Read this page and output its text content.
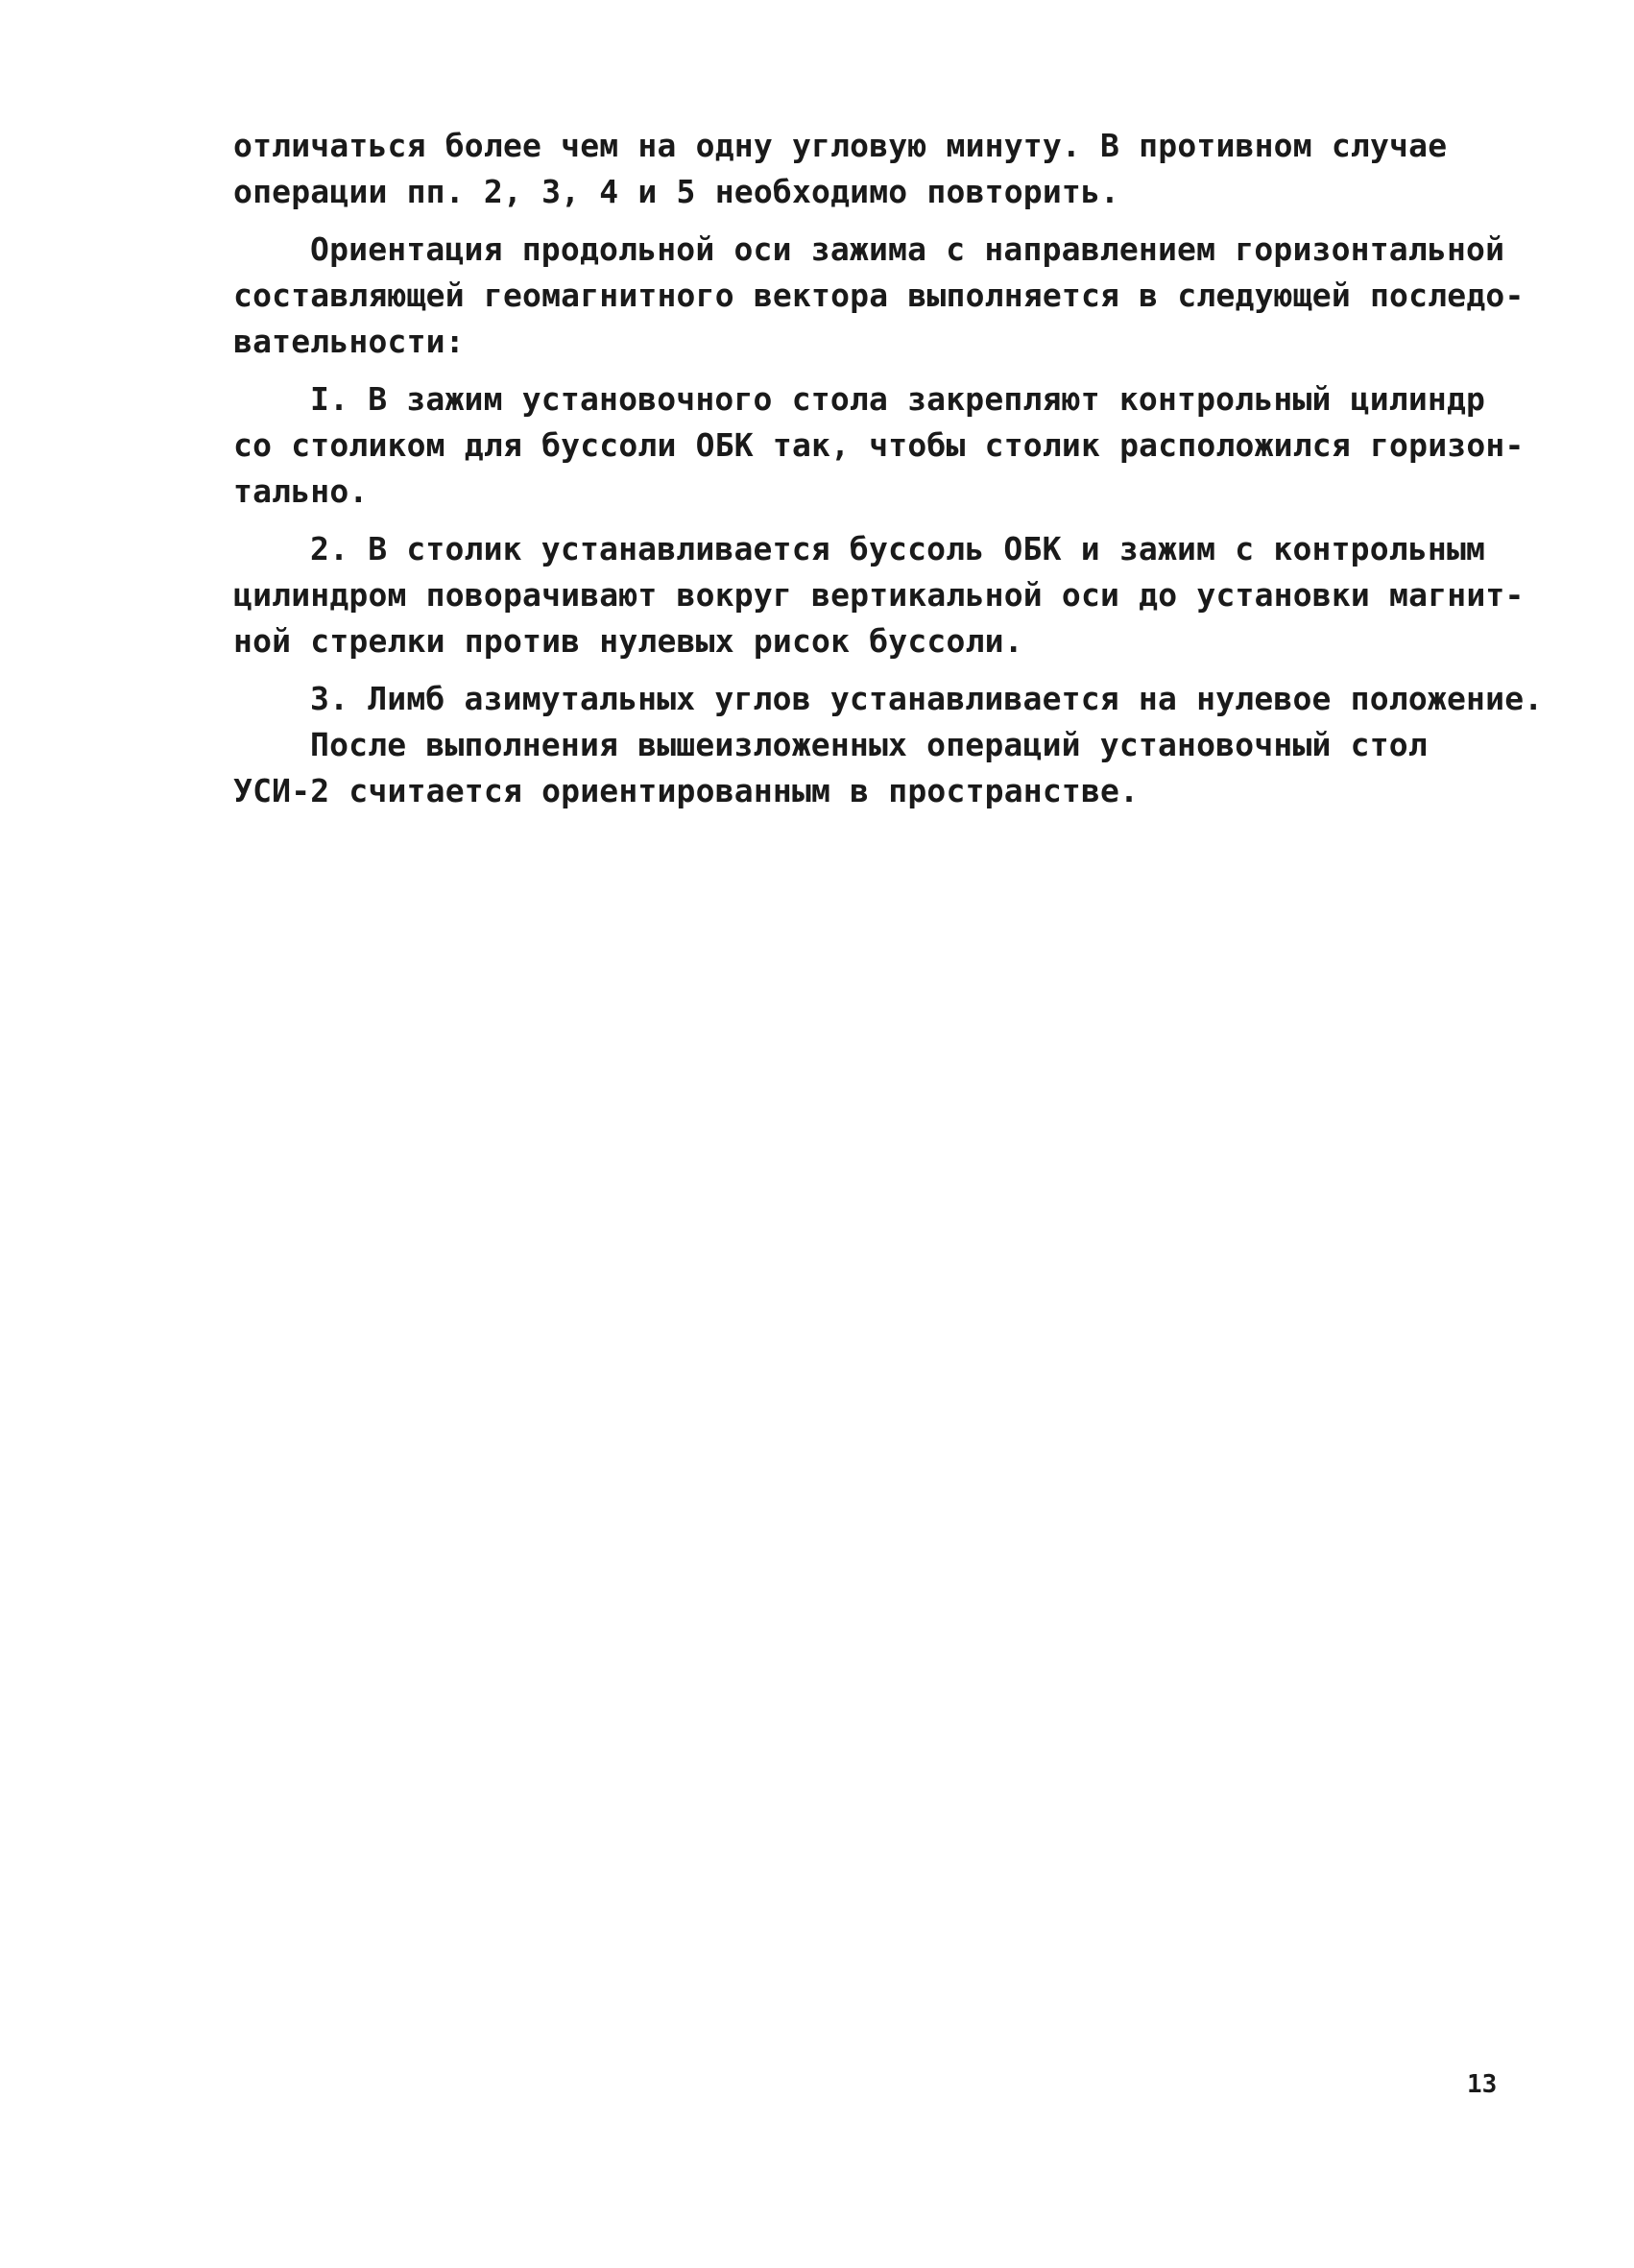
отличаться более чем на одну угловую минуту. В противном случае
операции пп. 2, 3, 4 и 5 необходимо повторить.
Ориентация продольной оси зажима с направлением горизонтальной
составляющей геомагнитного вектора выполняется в следующей последо-
вательности:
I. В зажим установочного стола закрепляют контрольный цилиндр
со столиком для буссоли ОБК так, чтобы столик расположился горизон-
тально.
2. В столик устанавливается буссоль ОБК и зажим с контрольным
цилиндром поворачивают вокруг вертикальной оси до установки магнит-
ной стрелки против нулевых рисок буссоли.
3. Лимб азимутальных углов устанавливается на нулевое положение.
После выполнения вышеизложенных операций установочный стол
УСИ-2 считается ориентированным в пространстве.
13
